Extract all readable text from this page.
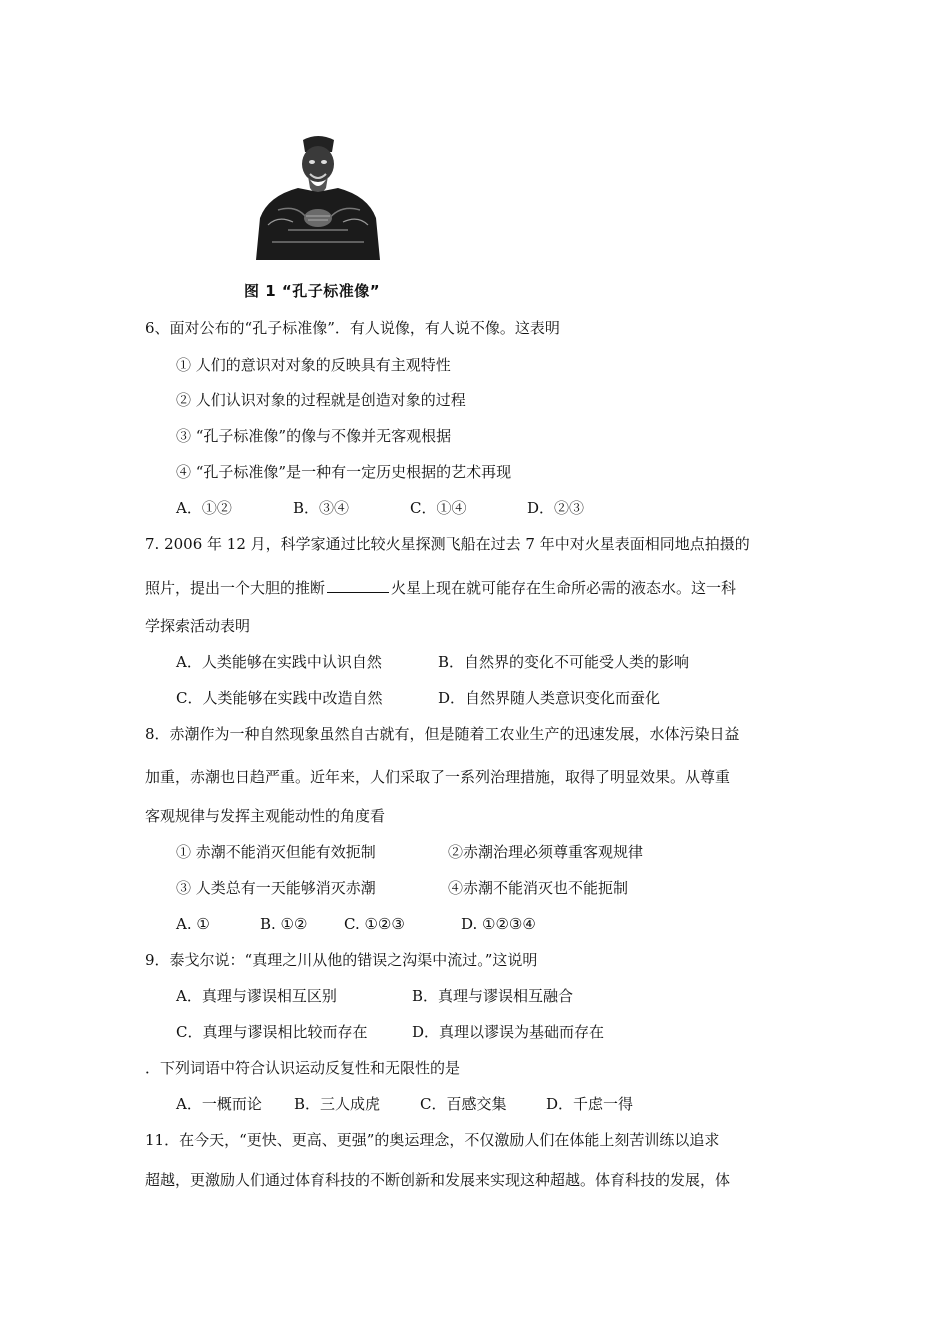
图 1 “孔子标准像”
6、面对公布的“孔子标准像”．有人说像，有人说不像。这表明
① 人们的意识对对象的反映具有主观特性
② 人们认识对象的过程就是创造对象的过程
③ “孔子标准像”的像与不像并无客观根据
④ “孔子标准像”是一种有一定历史根据的艺术再现
A．①②	B．③④	C．①④	D．②③
7. 2006 年 12 月，科学家通过比较火星探测飞船在过去 7 年中对火星表面相同地点拍摄的
照片，提出一个大胆的推断	火星上现在就可能存在生命所必需的液态水。这一科
学探索活动表明
A．人类能够在实践中认识自然	B．自然界的变化不可能受人类的影响
C．人类能够在实践中改造自然	D．自然界随人类意识变化而蚕化
8．赤潮作为一种自然现象虽然自古就有，但是随着工农业生产的迅速发展，水体污染日益
加重，赤潮也日趋严重。近年来，人们采取了一系列治理措施，取得了明显效果。从尊重
客观规律与发挥主观能动性的角度看
① 赤潮不能消灭但能有效扼制	②赤潮治理必须尊重客观规律
③ 人类总有一天能够消灭赤潮	④赤潮不能消灭也不能扼制
A. ①	B. ①② C. ①②③	D. ①②③④
9．泰戈尔说：“真理之川从他的错误之沟渠中流过。”这说明
A．真理与谬误相互区别	B．真理与谬误相互融合
C．真理与谬误相比较而存在	D．真理以谬误为基础而存在
．下列词语中符合认识运动反复性和无限性的是
A．一概而论 B．三人成虎	C．百感交集	D．千虑一得
11．在今天，“更快、更高、更强”的奥运理念，不仅激励人们在体能上刻苦训练以追求
超越，更激励人们通过体育科技的不断创新和发展来实现这种超越。体育科技的发展，体
